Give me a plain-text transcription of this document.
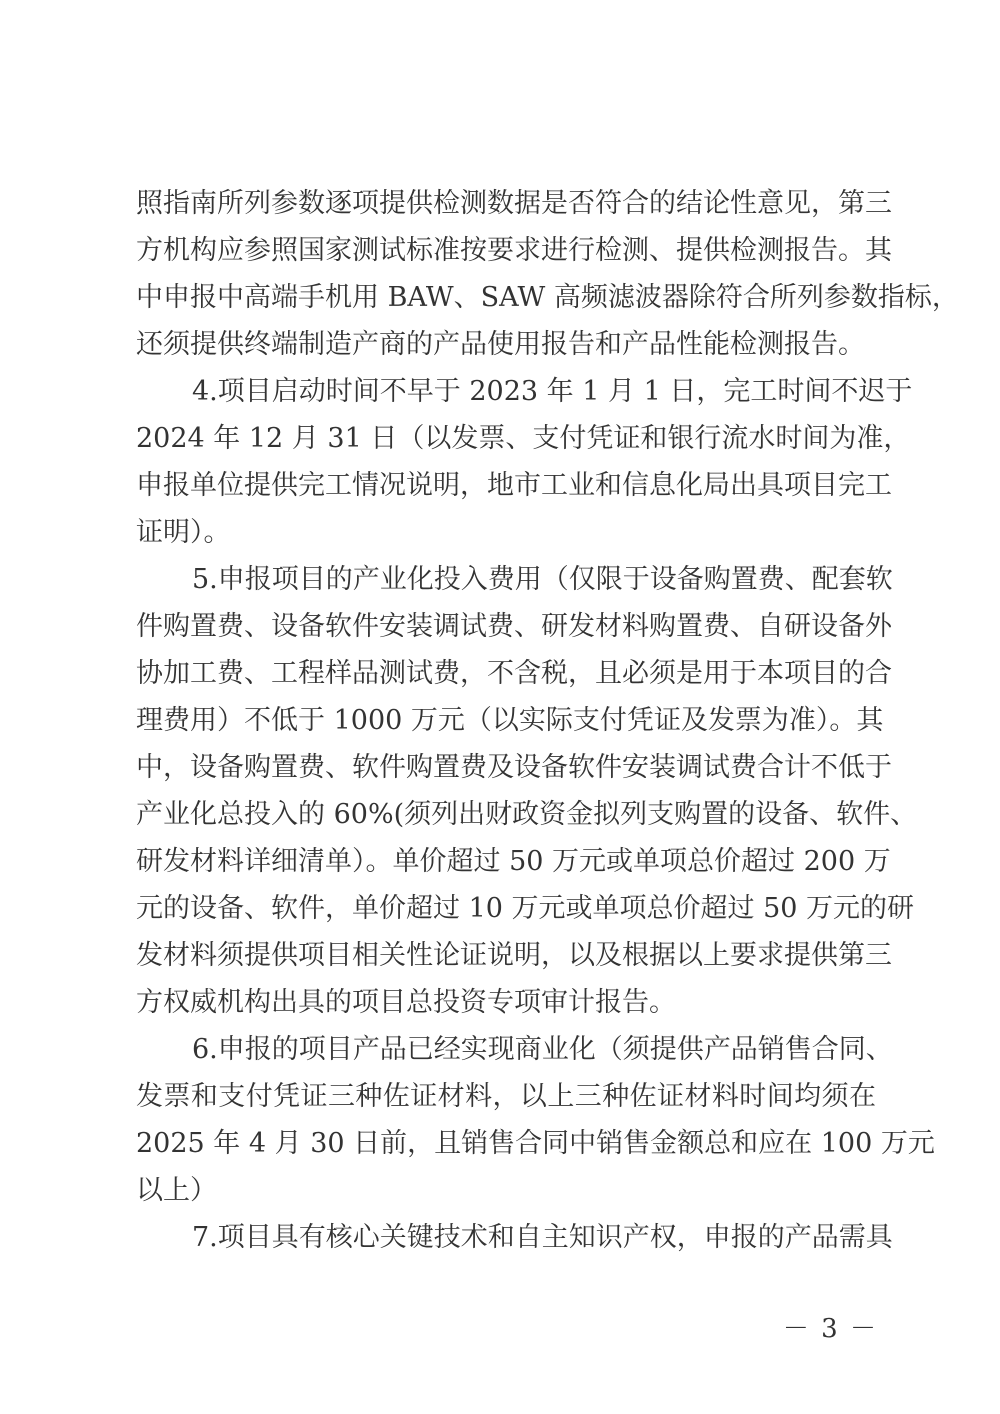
照指南所列参数逐项提供检测数据是否符合的结论性意见，第三
方机构应参照国家测试标准按要求进行检测、提供检测报告。其
中申报中高端手机用 BAW、SAW 高频滤波器除符合所列参数指标，
还须提供终端制造产商的产品使用报告和产品性能检测报告。
4.项目启动时间不早于 2023 年 1 月 1 日，完工时间不迟于
2024 年 12 月 31 日（以发票、支付凭证和银行流水时间为准，
申报单位提供完工情况说明，地市工业和信息化局出具项目完工
证明）。
5.申报项目的产业化投入费用（仅限于设备购置费、配套软
件购置费、设备软件安装调试费、研发材料购置费、自研设备外
协加工费、工程样品测试费，不含税，且必须是用于本项目的合
理费用）不低于 1000 万元（以实际支付凭证及发票为准）。其
中，设备购置费、软件购置费及设备软件安装调试费合计不低于
产业化总投入的 60%(须列出财政资金拟列支购置的设备、软件、
研发材料详细清单）。单价超过 50 万元或单项总价超过 200 万
元的设备、软件，单价超过 10 万元或单项总价超过 50 万元的研
发材料须提供项目相关性论证说明，以及根据以上要求提供第三
方权威机构出具的项目总投资专项审计报告。
6.申报的项目产品已经实现商业化（须提供产品销售合同、
发票和支付凭证三种佐证材料，以上三种佐证材料时间均须在
2025 年 4 月 30 日前，且销售合同中销售金额总和应在 100 万元
以上）
7.项目具有核心关键技术和自主知识产权，申报的产品需具
－ 3 －
